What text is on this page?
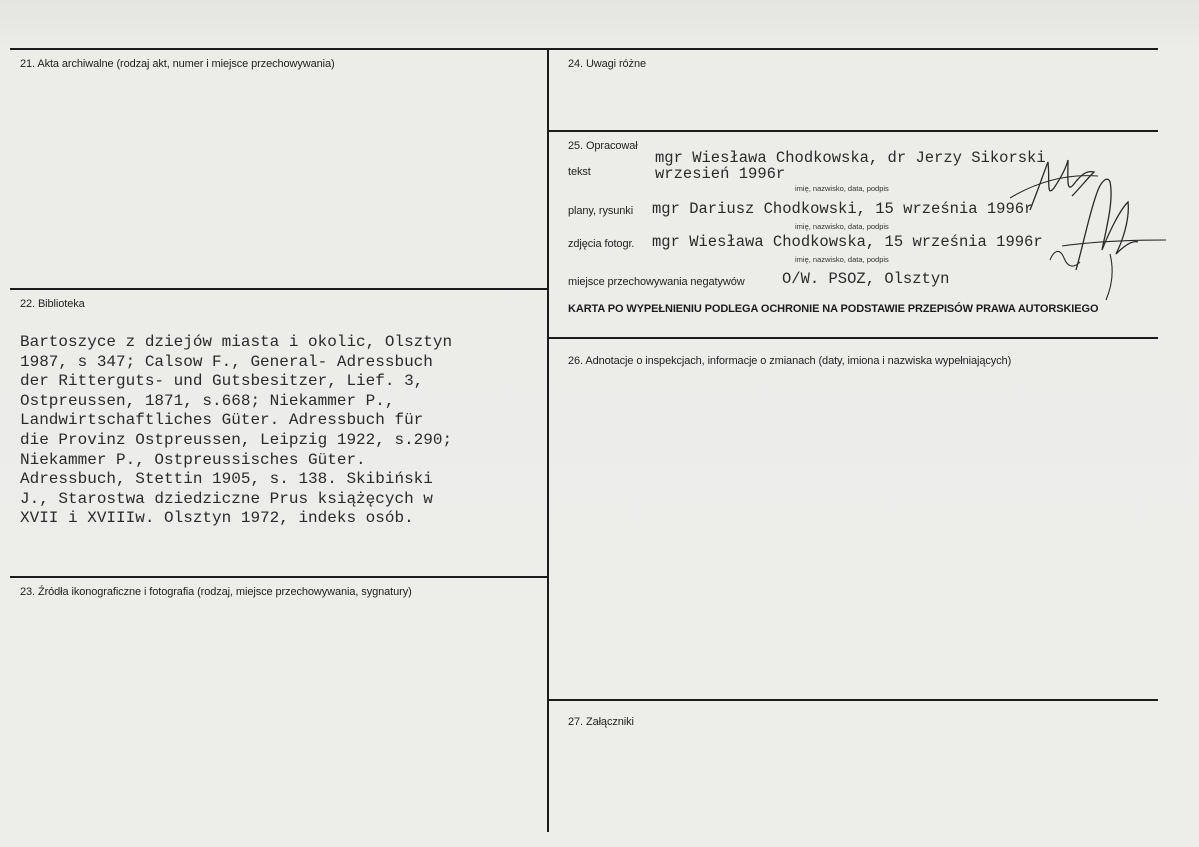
21. Akta archiwalne (rodzaj akt, numer i miejsce przechowywania)
22. Biblioteka
Bartoszyce z dziejów miasta i okolic, Olsztyn
1987, s 347; Calsow F., General- Adressbuch
der Ritterguts- und Gutsbesitzer, Lief. 3,
Ostpreussen, 1871, s.668; Niekammer P.,
Landwirtschaftliches Güter. Adressbuch für
die Provinz Ostpreussen, Leipzig 1922, s.290;
Niekammer P., Ostpreussisches Güter.
Adressbuch, Stettin 1905, s. 138. Skibiński
J., Starostwa dziedziczne Prus książęcych w
XVII i XVIIIw. Olsztyn 1972, indeks osób.
23. Źródła ikonograficzne i fotografia (rodzaj, miejsce przechowywania, sygnatury)
24. Uwagi różne
25. Opracował
tekst
mgr Wiesława Chodkowska, dr Jerzy Sikorski
wrzesień 1996r
imię, nazwisko, data, podpis
plany, rysunki mgr Dariusz Chodkowski, 15 września 1996r
imię, nazwisko, data, podpis
zdjęcia fotogr. mgr Wiesława Chodkowska, 15 września 1996r
imię, nazwisko, data, podpis
miejsce przechowywania negatywów O/W. PSOZ, Olsztyn
KARTA PO WYPEŁNIENIU PODLEGA OCHRONIE NA PODSTAWIE PRZEPISÓW PRAWA AUTORSKIEGO
26. Adnotacje o inspekcjach, informacje o zmianach (daty, imiona i nazwiska wypełniających)
27. Załączniki
